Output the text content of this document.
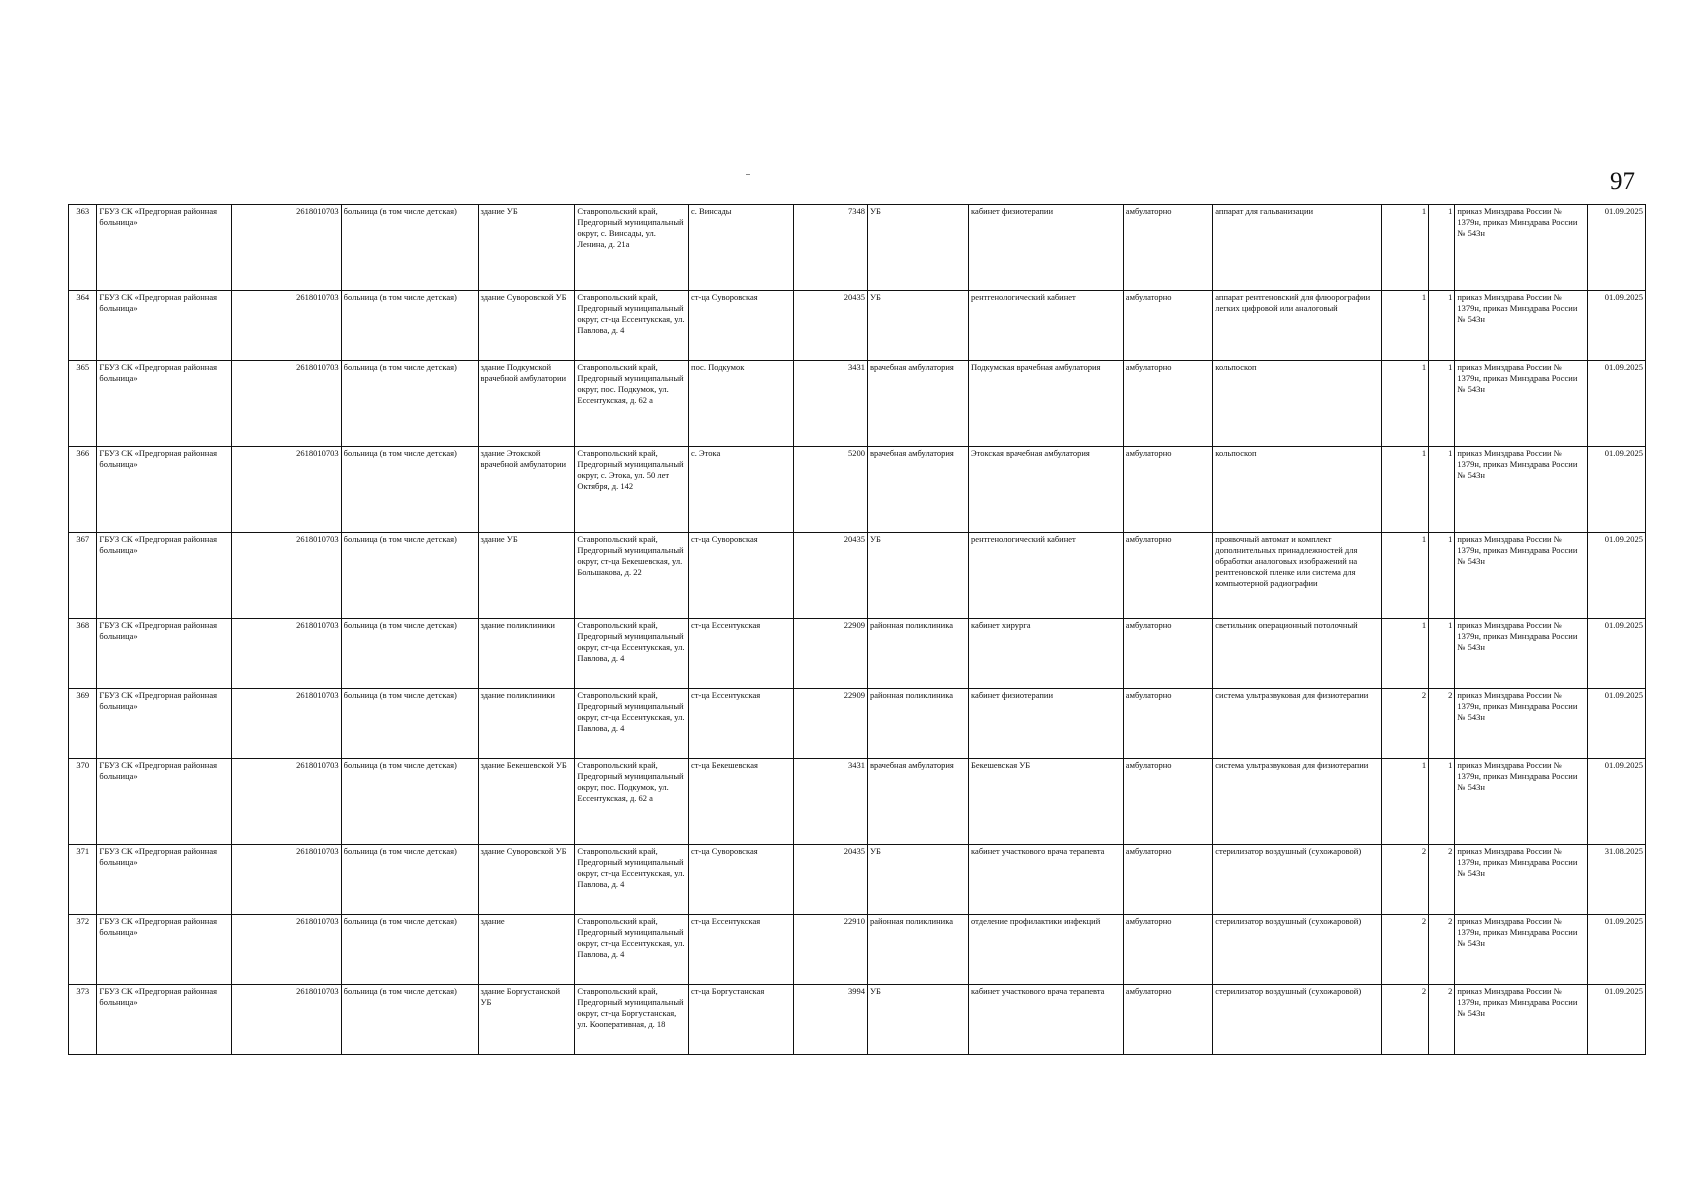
97
363	ГБУЗ СК «Предгорная районная больница»	2618010703	больница (в том числе детская)	здание УБ	Ставропольский край, Предгорный муниципальный округ, с. Винсады, ул. Ленина, д. 21а	с. Винсады	7348	УБ	кабинет физиотерапии	амбулаторно	аппарат для гальванизации	1	1	приказ Минздрава России № 1379н, приказ Минздрава России № 543н	01.09.2025
364	ГБУЗ СК «Предгорная районная больница»	2618010703	больница (в том числе детская)	здание Суворовской УБ	Ставропольский край, Предгорный муниципальный округ, ст-ца Ессентукская, ул. Павлова, д. 4	ст-ца Суворовская	20435	УБ	рентгенологический кабинет	амбулаторно	аппарат рентгеновский для флюорографии легких цифровой или аналоговый	1	1	приказ Минздрава России № 1379н, приказ Минздрава России № 543н	01.09.2025
365	ГБУЗ СК «Предгорная районная больница»	2618010703	больница (в том числе детская)	здание Подкумской врачебной амбулатории	Ставропольский край, Предгорный муниципальный округ, пос. Подкумок, ул. Ессентукская, д. 62 а	пос. Подкумок	3431	врачебная амбулатория	Подкумская врачебная амбулатория	амбулаторно	кольпоскоп	1	1	приказ Минздрава России № 1379н, приказ Минздрава России № 543н	01.09.2025
366	ГБУЗ СК «Предгорная районная больница»	2618010703	больница (в том числе детская)	здание Этокской врачебной амбулатории	Ставропольский край, Предгорный муниципальный округ, с. Этока, ул. 50 лет Октября, д. 142	с. Этока	5200	врачебная амбулатория	Этокская врачебная амбулатория	амбулаторно	кольпоскоп	1	1	приказ Минздрава России № 1379н, приказ Минздрава России № 543н	01.09.2025
367	ГБУЗ СК «Предгорная районная больница»	2618010703	больница (в том числе детская)	здание УБ	Ставропольский край, Предгорный муниципальный округ, ст-ца Бекешевская, ул. Большакова, д. 22	ст-ца Суворовская	20435	УБ	рентгенологический кабинет	амбулаторно	проявочный автомат и комплект дополнительных принадлежностей для обработки аналоговых изображений на рентгеновской пленке или система для компьютерной радиографии	1	1	приказ Минздрава России № 1379н, приказ Минздрава России № 543н	01.09.2025
368	ГБУЗ СК «Предгорная районная больница»	2618010703	больница (в том числе детская)	здание поликлиники	Ставропольский край, Предгорный муниципальный округ, ст-ца Ессентукская, ул. Павлова, д. 4	ст-ца Ессентукская	22909	районная поликлиника	кабинет хирурга	амбулаторно	светильник операционный потолочный	1	1	приказ Минздрава России № 1379н, приказ Минздрава России № 543н	01.09.2025
369	ГБУЗ СК «Предгорная районная больница»	2618010703	больница (в том числе детская)	здание поликлиники	Ставропольский край, Предгорный муниципальный округ, ст-ца Ессентукская, ул. Павлова, д. 4	ст-ца Ессентукская	22909	районная поликлиника	кабинет физиотерапии	амбулаторно	система ультразвуковая для физиотерапии	2	2	приказ Минздрава России № 1379н, приказ Минздрава России № 543н	01.09.2025
370	ГБУЗ СК «Предгорная районная больница»	2618010703	больница (в том числе детская)	здание Бекешевской УБ	Ставропольский край, Предгорный муниципальный округ, пос. Подкумок, ул. Ессентукская, д. 62 а	ст-ца Бекешевская	3431	врачебная амбулатория	Бекешевская УБ	амбулаторно	система ультразвуковая для физиотерапии	1	1	приказ Минздрава России № 1379н, приказ Минздрава России № 543н	01.09.2025
371	ГБУЗ СК «Предгорная районная больница»	2618010703	больница (в том числе детская)	здание Суворовской УБ	Ставропольский край, Предгорный муниципальный округ, ст-ца Ессентукская, ул. Павлова, д. 4	ст-ца Суворовская	20435	УБ	кабинет участкового врача терапевта	амбулаторно	стерилизатор воздушный (сухожаровой)	2	2	приказ Минздрава России № 1379н, приказ Минздрава России № 543н	31.08.2025
372	ГБУЗ СК «Предгорная районная больница»	2618010703	больница (в том числе детская)	здание	Ставропольский край, Предгорный муниципальный округ, ст-ца Ессентукская, ул. Павлова, д. 4	ст-ца Ессентукская	22910	районная поликлиника	отделение профилактики инфекций	амбулаторно	стерилизатор воздушный (сухожаровой)	2	2	приказ Минздрава России № 1379н, приказ Минздрава России № 543н	01.09.2025
373	ГБУЗ СК «Предгорная районная больница»	2618010703	больница (в том числе детская)	здание Боргустанской УБ	Ставропольский край, Предгорный муниципальный округ, ст-ца Боргустанская, ул. Кооперативная, д. 18	ст-ца Боргустанская	3994	УБ	кабинет участкового врача терапевта	амбулаторно	стерилизатор воздушный (сухожаровой)	2	2	приказ Минздрава России № 1379н, приказ Минздрава России № 543н	01.09.2025
